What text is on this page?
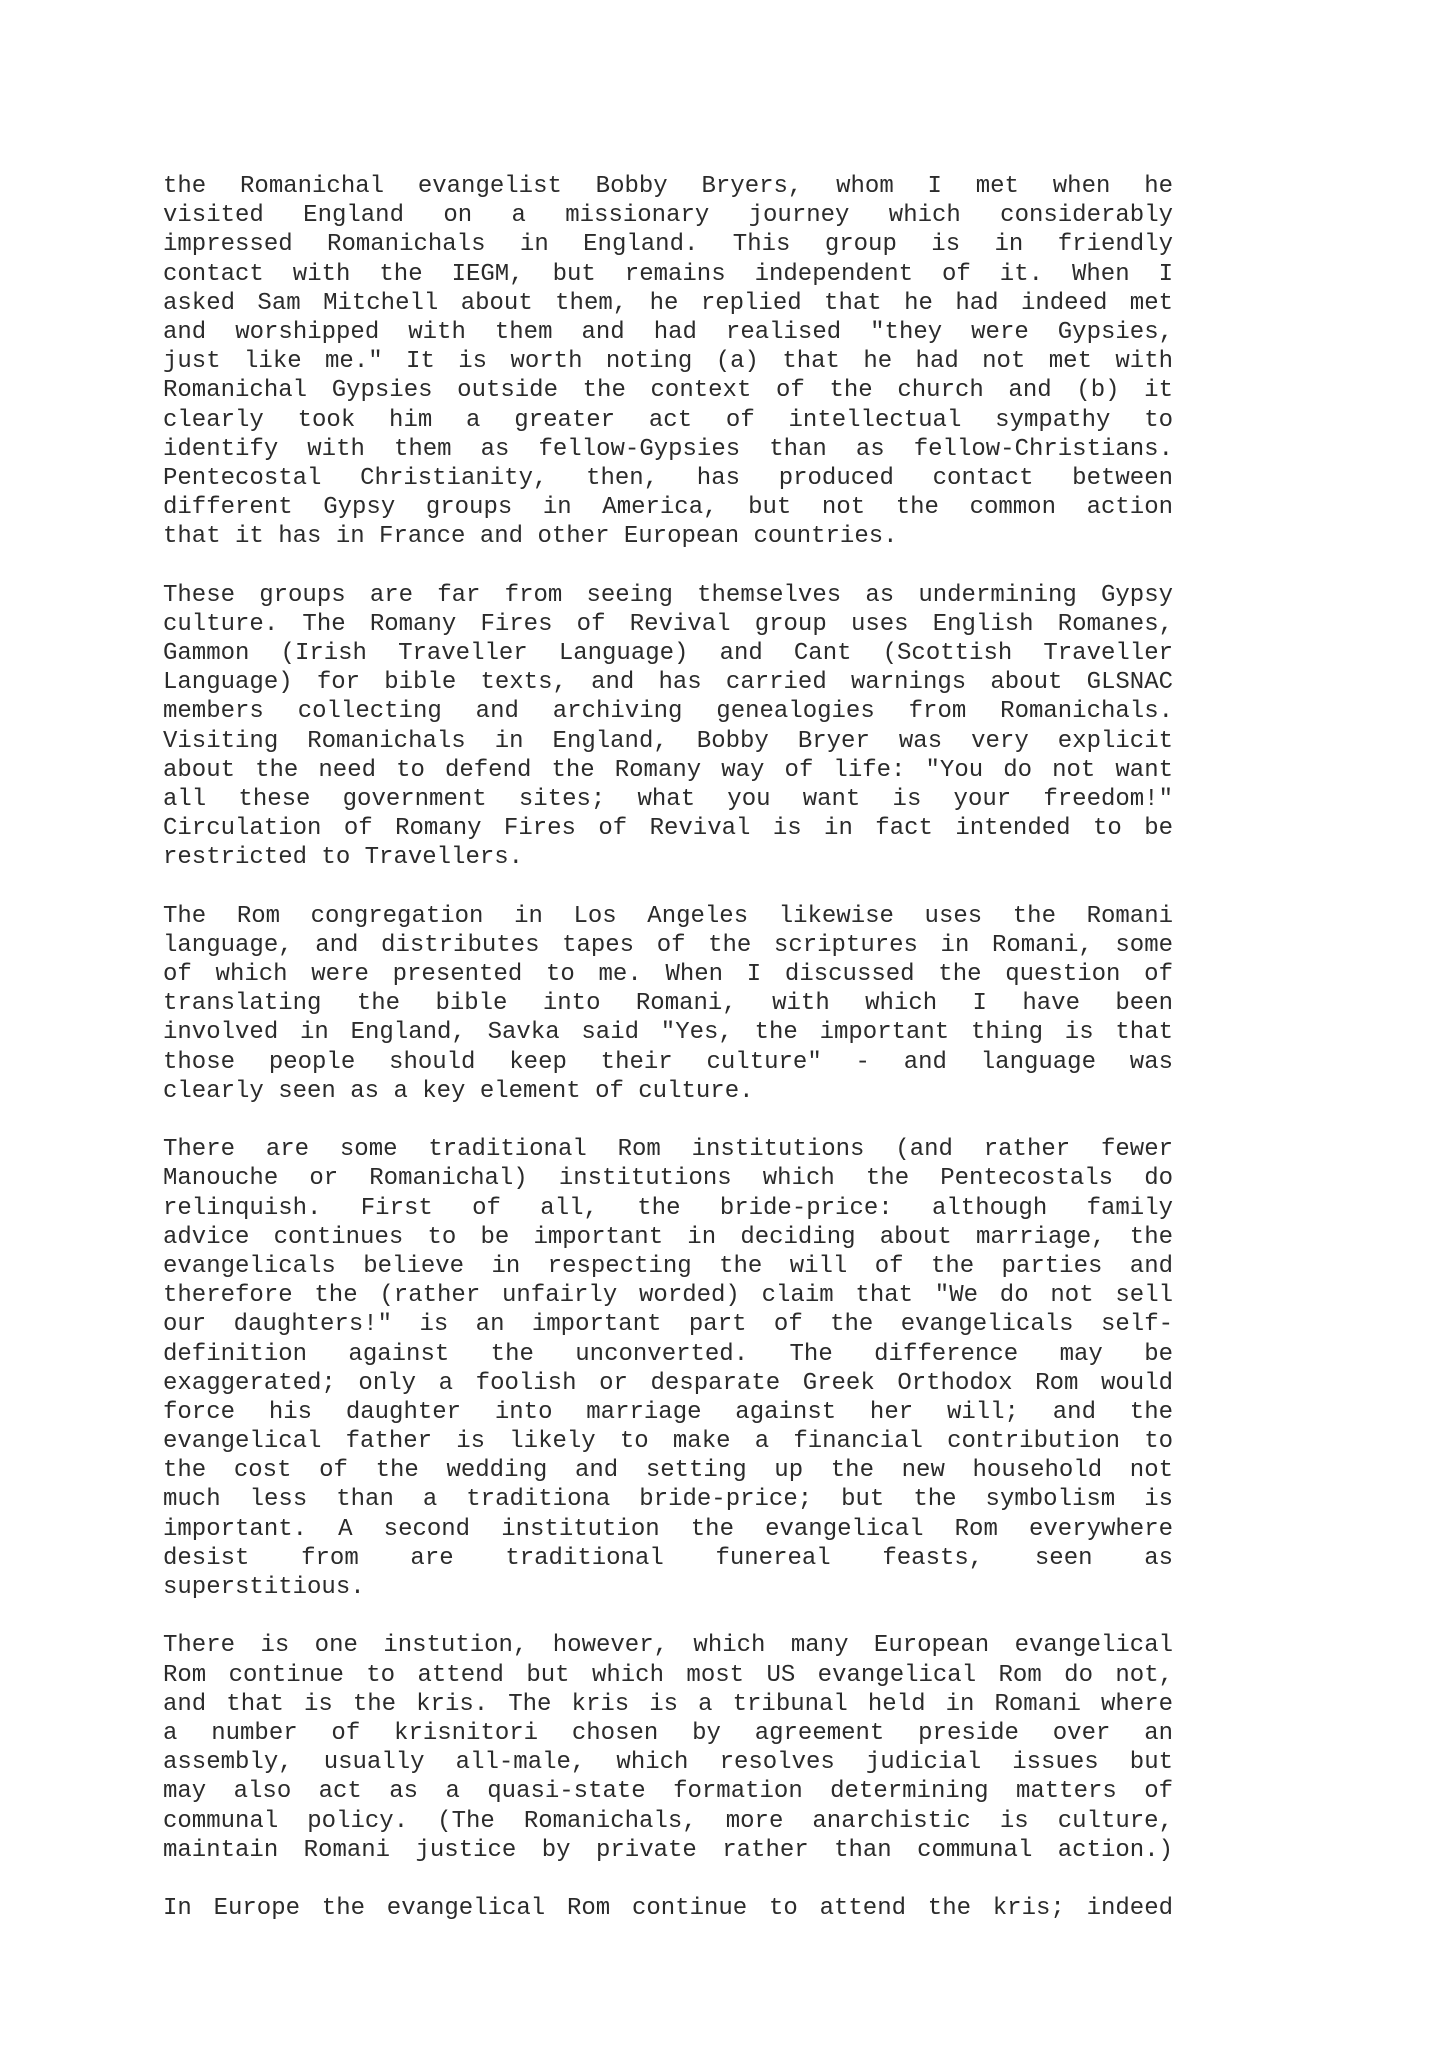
the Romanichal evangelist Bobby Bryers, whom I met when he
visited England on a missionary journey which considerably
impressed Romanichals in England. This group is in friendly
contact with the IEGM, but remains independent of it. When I
asked Sam Mitchell about them, he replied that he had indeed met
and worshipped with them and had realised "they were Gypsies,
just like me." It is worth noting (a) that he had not met with
Romanichal Gypsies outside the context of the church and (b) it
clearly took him a greater act of intellectual sympathy to
identify with them as fellow-Gypsies than as fellow-Christians.
Pentecostal Christianity, then, has produced contact between
different Gypsy groups in America, but not the common action
that it has in France and other European countries.
These groups are far from seeing themselves as undermining Gypsy
culture. The Romany Fires of Revival group uses English Romanes,
Gammon (Irish Traveller Language) and Cant (Scottish Traveller
Language) for bible texts, and has carried warnings about GLSNAC
members collecting and archiving genealogies from Romanichals.
Visiting Romanichals in England, Bobby Bryer was very explicit
about the need to defend the Romany way of life: "You do not want
all these government sites; what you want is your freedom!"
Circulation of Romany Fires of Revival is in fact intended to be
restricted to Travellers.
The Rom congregation in Los Angeles likewise uses the Romani
language, and distributes tapes of the scriptures in Romani, some
of which were presented to me. When I discussed the question of
translating the bible into Romani, with which I have been
involved in England, Savka said "Yes, the important thing is that
those people should keep their culture" - and language was
clearly seen as a key element of culture.
There are some traditional Rom institutions (and rather fewer
Manouche or Romanichal) institutions which the Pentecostals do
relinquish. First of all, the bride-price: although family
advice continues to be important in deciding about marriage, the
evangelicals believe in respecting the will of the parties and
therefore the (rather unfairly worded) claim that "We do not sell
our daughters!" is an important part of the evangelicals self-
definition against the unconverted. The difference may be
exaggerated; only a foolish or desparate Greek Orthodox Rom would
force his daughter into marriage against her will; and the
evangelical father is likely to make a financial contribution to
the cost of the wedding and setting up the new household not
much less than a traditiona bride-price; but the symbolism is
important. A second institution the evangelical Rom everywhere
desist from are traditional funereal feasts, seen as
superstitious.
There is one instution, however, which many European evangelical
Rom continue to attend but which most US evangelical Rom do not,
and that is the kris. The kris is a tribunal held in Romani where
a number of krisnitori chosen by agreement preside over an
assembly, usually all-male, which resolves judicial issues but
may also act as a quasi-state formation determining matters of
communal policy. (The Romanichals, more anarchistic is culture,
maintain Romani justice by private rather than communal action.)
In Europe the evangelical Rom continue to attend the kris; indeed
